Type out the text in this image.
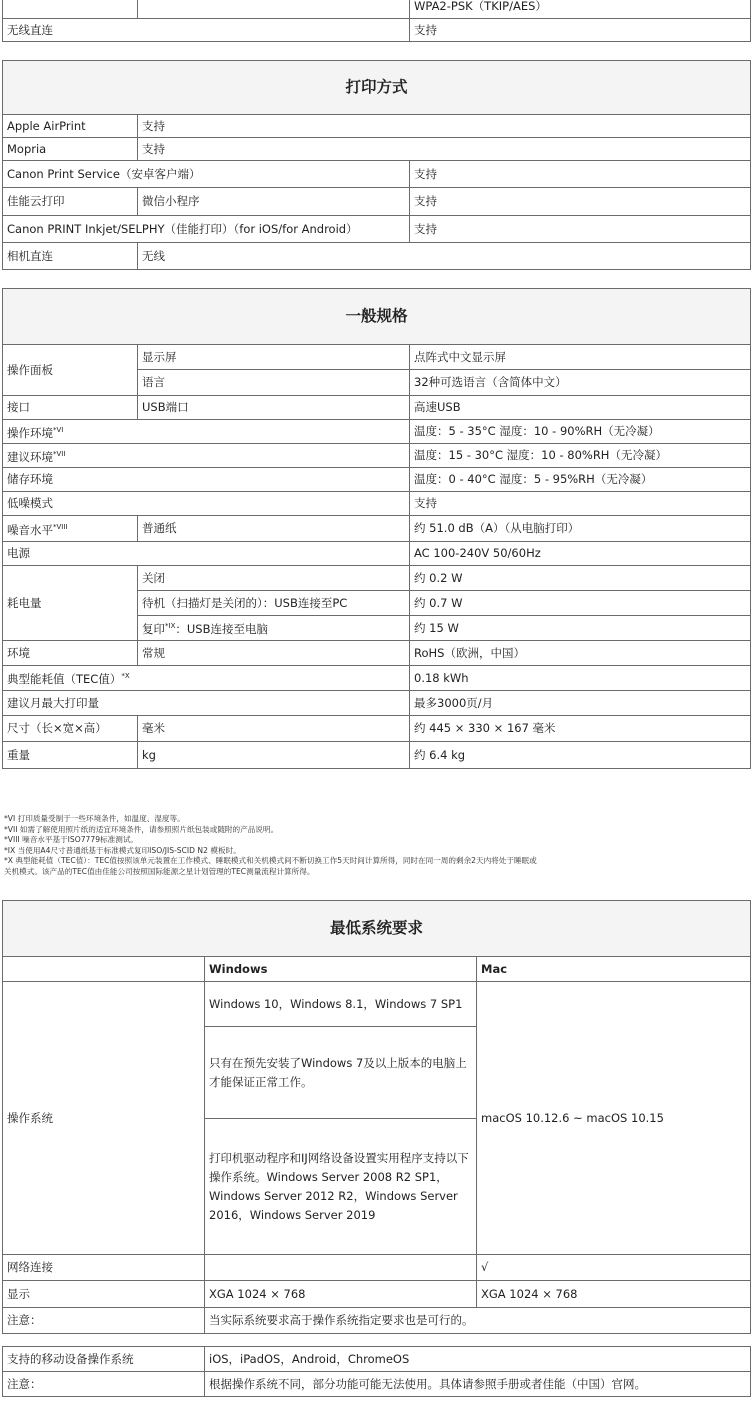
		WPA2-PSK（TKIP/AES）
无线直连		支持
打印方式		
Apple AirPrint	支持	
Mopria	支持	
Canon Print Service（安卓客户端）		支持
佳能云打印	微信小程序	支持
Canon PRINT Inkjet/SELPHY（佳能打印）（for iOS/for Android）		支持
相机直连	无线	
一般规格		
操作面板	显示屏	点阵式中文显示屏
	语言	32种可选语言（含简体中文）
接口	USB端口	高速USB
操作环境$^{*VI}$		温度：5 - 35°C 湿度：10 - 90%RH（无冷凝）
建议环境$^{*VII}$		温度：15 - 30°C 湿度：10 - 80%RH（无冷凝）
储存环境		温度：0 - 40°C 湿度：5 - 95%RH（无冷凝）
低噪模式		支持
噪音水平$^{*VIII}$	普通纸	约 51.0 dB（A）（从电脑打印）
电源		AC 100-240V 50/60Hz
耗电量	关闭	约 0.2 W
	待机（扫描灯是关闭的）：USB连接至PC	约 0.7 W
	复印$^{*IX}$：USB连接至电脑	约 15 W
环境	常规	RoHS（欧洲，中国）
典型能耗值（TEC值）$^{*X}$		0.18 kWh
建议月最大打印量		最多3000页/月
尺寸（长×宽×高）	毫米	约 445 × 330 × 167 毫米
重量	kg	约 6.4 kg
*VI 打印质量受制于一些环境条件，如温度、湿度等。
*VII 如需了解使用照片纸的适宜环境条件，请参照照片纸包装或随附的产品说明。
*VIII 噪音水平基于ISO7779标准测试。
*IX 当使用A4尺寸普通纸基于标准模式复印ISO/JIS-SCID N2 模板时。
*X 典型能耗值（TEC值）：TEC值按照该单元装置在工作模式、睡眠模式和关机模式间不断切换工作5天时间计算所得，同时在同一周的剩余2天内将处于睡眠或
关机模式。该产品的TEC值由佳能公司按照国际能源之星计划管理的TEC测量流程计算所得。
最低系统要求		
	Windows	Mac
操作系统	Windows 10，Windows 8.1，Windows 7 SP1	macOS 10.12.6 ~ macOS 10.15
	只有在预先安装了Windows 7及以上版本的电脑上才能保证正常工作。	
	打印机驱动程序和IJ网络设备设置实用程序支持以下操作系统。Windows Server 2008 R2 SP1，Windows Server 2012 R2，Windows Server 2016，Windows Server 2019	
网络连接		√
显示	XGA 1024 × 768	XGA 1024 × 768
注意：	当实际系统要求高于操作系统指定要求也是可行的。	
支持的移动设备操作系统	iOS，iPadOS，Android，ChromeOS
注意：	根据操作系统不同，部分功能可能无法使用。具体请参照手册或者佳能（中国）官网。
